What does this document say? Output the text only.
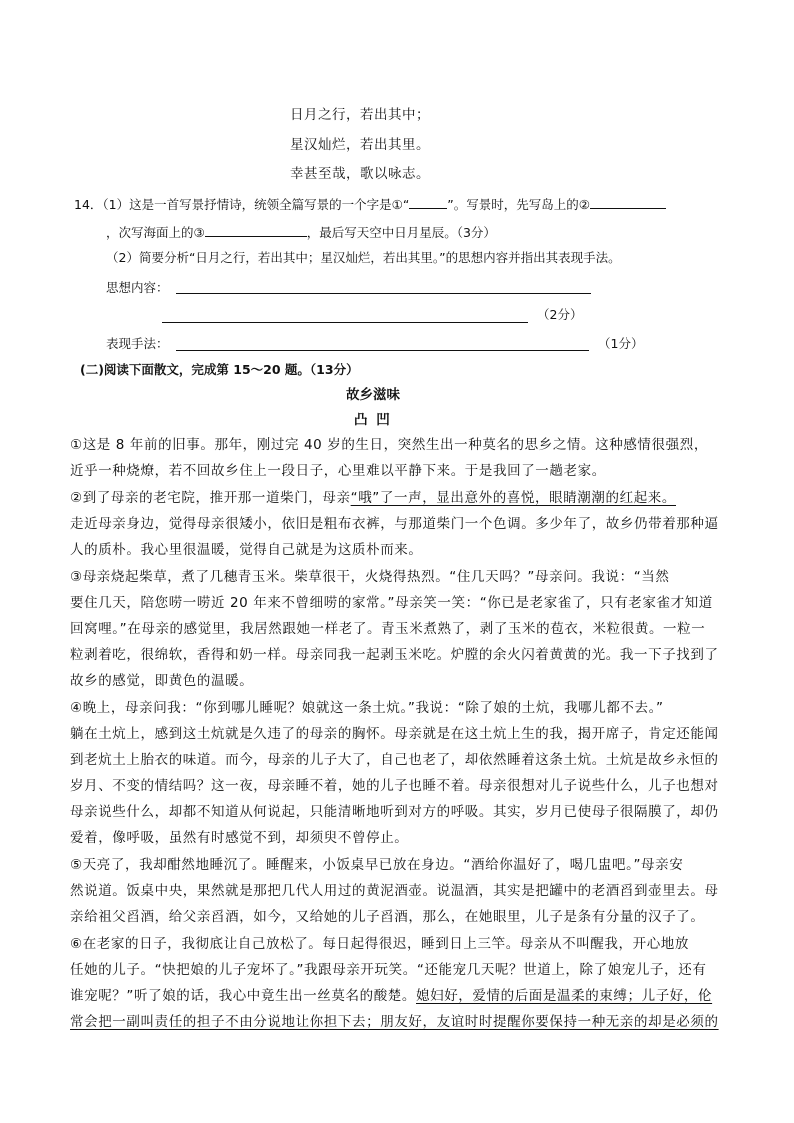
日月之行，若出其中；
星汉灿烂，若出其里。
幸甚至哉，歌以咏志。
14．（1）这是一首写景抒情诗，统领全篇写景的一个字是①“	”。写景时，先写岛上的②
，次写海面上的③	，最后写天空中日月星辰。（3分）
（2）简要分析“日月之行，若出其中；星汉灿烂，若出其里。”的思想内容并指出其表现手法。
思想内容：
（2分）
表现手法：	（1分）
(二)阅读下面散文，完成第 15～20 题。（13分）
故乡滋味
凸 凹
①这是 8 年前的旧事。那年，刚过完 40 岁的生日，突然生出一种莫名的思乡之情。这种感情很强烈，
近乎一种烧燎，若不回故乡住上一段日子，心里难以平静下来。于是我回了一趟老家。
②到了母亲的老宅院，推开那一道柴门，母亲“哦”了一声，显出意外的喜悦，眼睛潮潮的红起来。
走近母亲身边，觉得母亲很矮小，依旧是粗布衣裤，与那道柴门一个色调。多少年了，故乡仍带着那种逼
人的质朴。我心里很温暖，觉得自己就是为这质朴而来。
③母亲烧起柴草，煮了几穗青玉米。柴草很干，火烧得热烈。“住几天吗？”母亲问。我说：“当然
要住几天，陪您唠一唠近 20 年来不曾细唠的家常。”母亲笑一笑：“你已是老家雀了，只有老家雀才知道
回窝哩。”在母亲的感觉里，我居然跟她一样老了。青玉米煮熟了，剥了玉米的苞衣，米粒很黄。一粒一
粒剥着吃，很绵软，香得和奶一样。母亲同我一起剥玉米吃。炉膛的余火闪着黄黄的光。我一下子找到了
故乡的感觉，即黄色的温暖。
④晚上，母亲问我：“你到哪儿睡呢？娘就这一条土炕。”我说：“除了娘的土炕，我哪儿都不去。”
躺在土炕上，感到这土炕就是久违了的母亲的胸怀。母亲就是在这土炕上生的我，揭开席子，肯定还能闻
到老炕土上胎衣的味道。而今，母亲的儿子大了，自己也老了，却依然睡着这条土炕。土炕是故乡永恒的
岁月、不变的情结吗？这一夜，母亲睡不着，她的儿子也睡不着。母亲很想对儿子说些什么，儿子也想对
母亲说些什么，却都不知道从何说起，只能清晰地听到对方的呼吸。其实，岁月已使母子很隔膜了，却仍
爱着，像呼吸，虽然有时感觉不到，却须臾不曾停止。
⑤天亮了，我却酣然地睡沉了。睡醒来，小饭桌早已放在身边。“酒给你温好了，喝几盅吧。”母亲安
然说道。饭桌中央，果然就是那把几代人用过的黄泥酒壶。说温酒，其实是把罐中的老酒舀到壶里去。母
亲给祖父舀酒，给父亲舀酒，如今，又给她的儿子舀酒，那么，在她眼里，儿子是条有分量的汉子了。
⑥在老家的日子，我彻底让自己放松了。每日起得很迟，睡到日上三竿。母亲从不叫醒我，开心地放
任她的儿子。“快把娘的儿子宠坏了。”我跟母亲开玩笑。“还能宠几天呢？世道上，除了娘宠儿子，还有
谁宠呢？”听了娘的话，我心中竟生出一丝莫名的酸楚。媳妇好，爱情的后面是温柔的束缚；儿子好，伦
常会把一副叫责任的担子不由分说地让你担下去；朋友好，友谊时时提醒你要保持一种无亲的却是必须的
